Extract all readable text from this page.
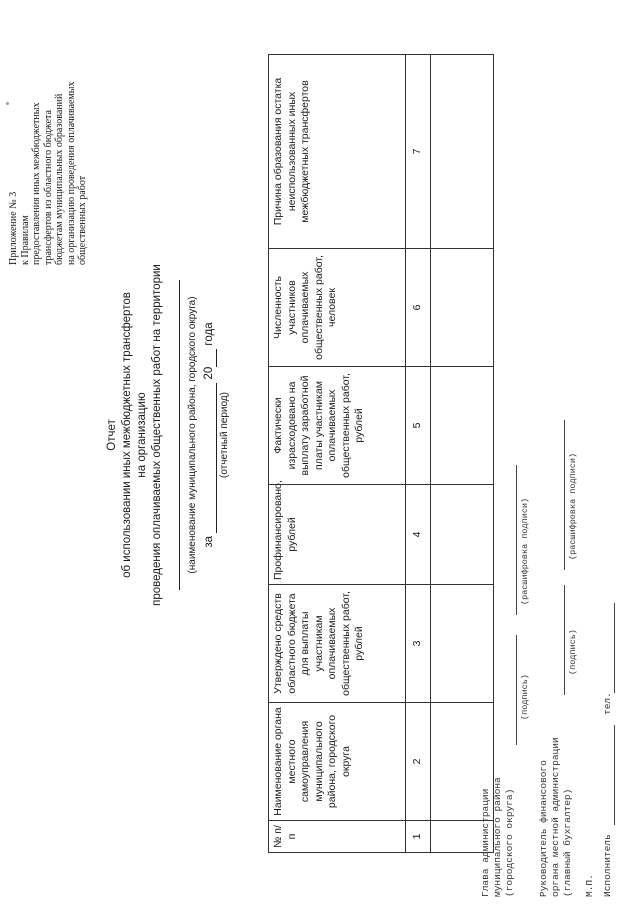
Приложение № 3 к Правилам предоставления иных межбюджетных трансфертов из областного бюджета бюджетам муниципальных образований на организацию проведения оплачиваемых общественных работ
Отчет об использовании иных межбюджетных трансфертов на организацию проведения оплачиваемых общественных работ на территории (наименование муниципального района, городского округа) за  20 года
(отчетный период)
№ п/п	Наименование органа местного самоуправления муниципального района, городского округа	Утверждено средств областного бюджета для выплаты участникам оплачиваемых общественных работ, рублей	Профинансировано, рублей	Фактически израсходовано на выплату заработной платы участникам оплачиваемых общественных работ, рублей	Численность участников оплачиваемых общественных работ, человек	Причина образования остатка неиспользованных иных межбюджетных трансфертов
1	2	3	4	5	6	7

Глава администрации муниципального района (городского округа)
(подпись)
(расшифровка подписи)
Руководитель финансового органа местной администрации (главный бухгалтер)
(подпись)
(расшифровка подписи)
М.П. Исполнитель
тел.
